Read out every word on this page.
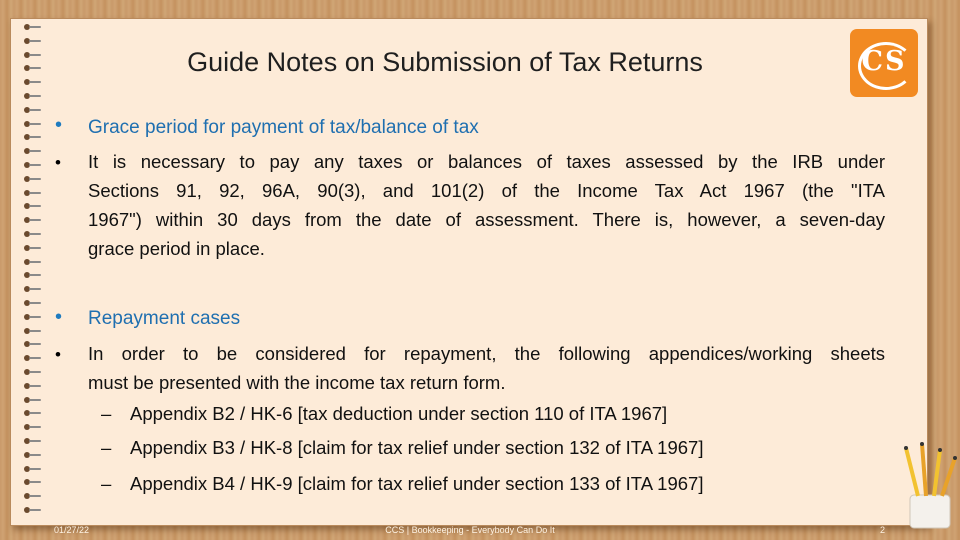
Guide Notes on Submission of Tax Returns	CS
• Grace period for payment of tax/balance of tax
• It is necessary to pay any taxes or balances of taxes assessed by the IRB under
Sections 91, 92, 96A, 90(3), and 101(2) of the Income Tax Act 1967 (the "ITA
1967") within 30 days from the date of assessment. There is, however, a seven-day
grace period in place.
• Repayment cases
• In order to be considered for repayment, the following appendices/working sheets
must be presented with the income tax return form.
– Appendix B2 / HK-6 [tax deduction under section 110 of ITA 1967]
– Appendix B3 / HK-8 [claim for tax relief under section 132 of ITA 1967]
– Appendix B4 / HK-9 [claim for tax relief under section 133 of ITA 1967]
01/27/22	CCS | Bookkeeping - Everybody Can Do It	2
